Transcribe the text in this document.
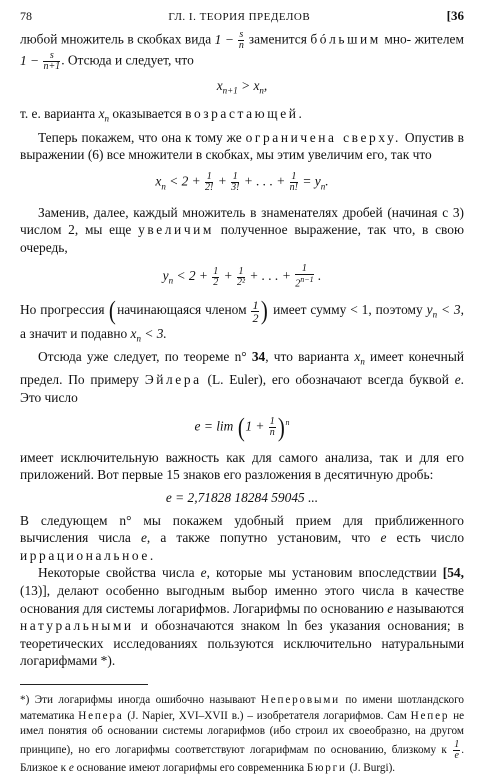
78	ГЛ. I. ТЕОРИЯ ПРЕДЕЛОВ	[36

любой множитель в скобках вида $1 - \frac{s}{n}$ заменится бóльшим мно- жителем $1 - \frac{s}{n+1}$ . Отсюда и следует, что

$x_{n+1} > x_n$,

т. е. варианта $x_n$ оказывается возрастающей.

Теперь покажем, что она к тому же ограничена сверху. Опустив в выражении (6) все множители в скобках, мы этим увеличим его, так что

$x_n < 2 + \frac{1}{2!} + \frac{1}{3!}$ + . . . + $\frac{1}{n!} = y_n$.

Заменив, далее, каждый множитель в знаменателях дробей (начиная с 3) числом 2, мы еще увеличим полученное выражение, так что, в свою очередь,

$y_n < 2 + \frac{1}{2} + \frac{1}{\text{2²}}$ + . . . + $\frac{1}{2^{n-1}}$ .

Но прогрессия (начинающаяся членом $\frac{1}{2}$ ) имеет сумму < 1, поэтому $y_n < 3$, а значит и подавно $x_n < 3$.

Отсюда уже следует, по теореме n° 34, что варианта $x_n$ имеет конечный предел. По примеру Эйлера (L. Euler), его обозначают всегда буквой e. Это число

$e = \lim (1 + \frac{1}{n} )^n$

имеет исключительную важность как для самого анализа, так и для его приложений. Вот первые 15 знаков его разложения в десятичную дробь:

e = 2,71828 18284 59045 ...

В следующем n° мы покажем удобный прием для приближенного вычисления числа e, а также попутно установим, что e есть число иррациональное.

Некоторые свойства числа e, которые мы установим впоследствии [54, (13)], делают особенно выгодным выбор именно этого числа в качестве основания для системы логарифмов. Логарифмы по основанию e называются натуральными и обозначаются знаком ln без указания основания; в теоретических исследованиях пользуются исключительно натуральными логарифмами *).

*) Эти логарифмы иногда ошибочно называют Неперовыми по имени шотландского математика Непера (J. Napier, XVI–XVII в.) – изобретателя логарифмов. Сам Непер не имел понятия об основании системы логарифмов (ибо строил их своеобразно, на другом принципе), но его логарифмы соответствуют логарифмам по основанию, близкому к $\frac{1}{e}$ . Близкое к e основание имеют логарифмы его современника Бюрги (J. Burgi).
